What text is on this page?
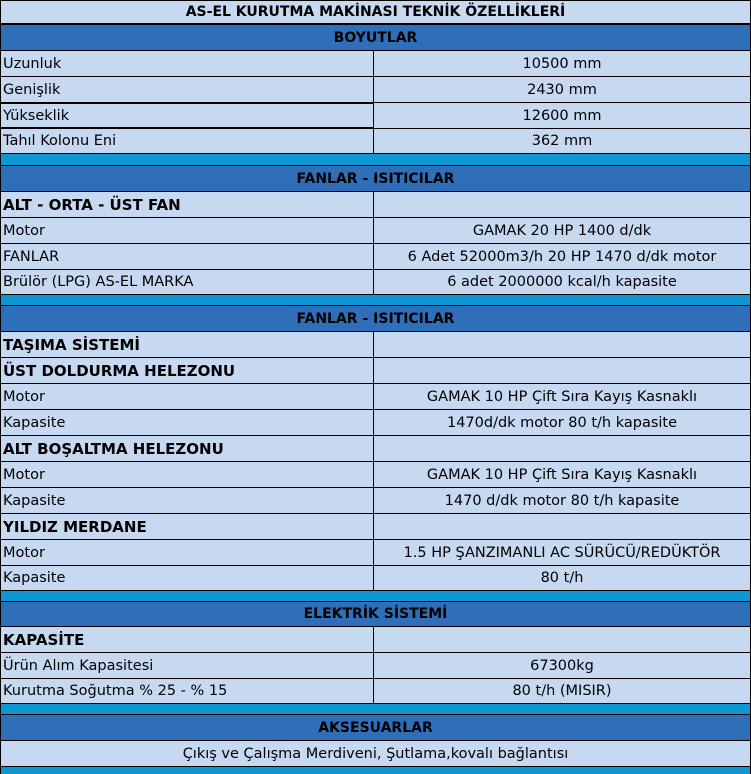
AS-EL KURUTMA MAKİNASI TEKNİK ÖZELLİKLERİ
BOYUTLAR
Uzunluk	10500 mm
Genişlik	2430 mm
Yükseklik	12600 mm
Tahıl Kolonu Eni	362 mm
FANLAR - ISITICILAR
ALT - ORTA - ÜST FAN
Motor	GAMAK 20 HP 1400 d/dk
FANLAR	6 Adet 52000m3/h 20 HP 1470 d/dk motor
Brülör (LPG) AS-EL MARKA	6 adet 2000000 kcal/h kapasite
FANLAR - ISITICILAR
TAŞIMA SİSTEMİ
ÜST DOLDURMA HELEZONU
Motor	GAMAK 10 HP Çift Sıra Kayış Kasnaklı
Kapasite	1470d/dk motor 80 t/h kapasite
ALT BOŞALTMA HELEZONU
Motor	GAMAK 10 HP Çift Sıra Kayış Kasnaklı
Kapasite	1470 d/dk motor 80 t/h kapasite
YILDIZ MERDANE
Motor	1.5 HP ŞANZIMANLI AC SÜRÜCÜ/REDÜKTÖR
Kapasite	80 t/h
ELEKTRİK SİSTEMİ
KAPASİTE
Ürün Alım Kapasitesi	67300kg
Kurutma Soğutma % 25 - % 15	80 t/h (MISIR)
AKSESUARLAR
Çıkış ve Çalışma Merdiveni, Şutlama,kovalı bağlantısı
